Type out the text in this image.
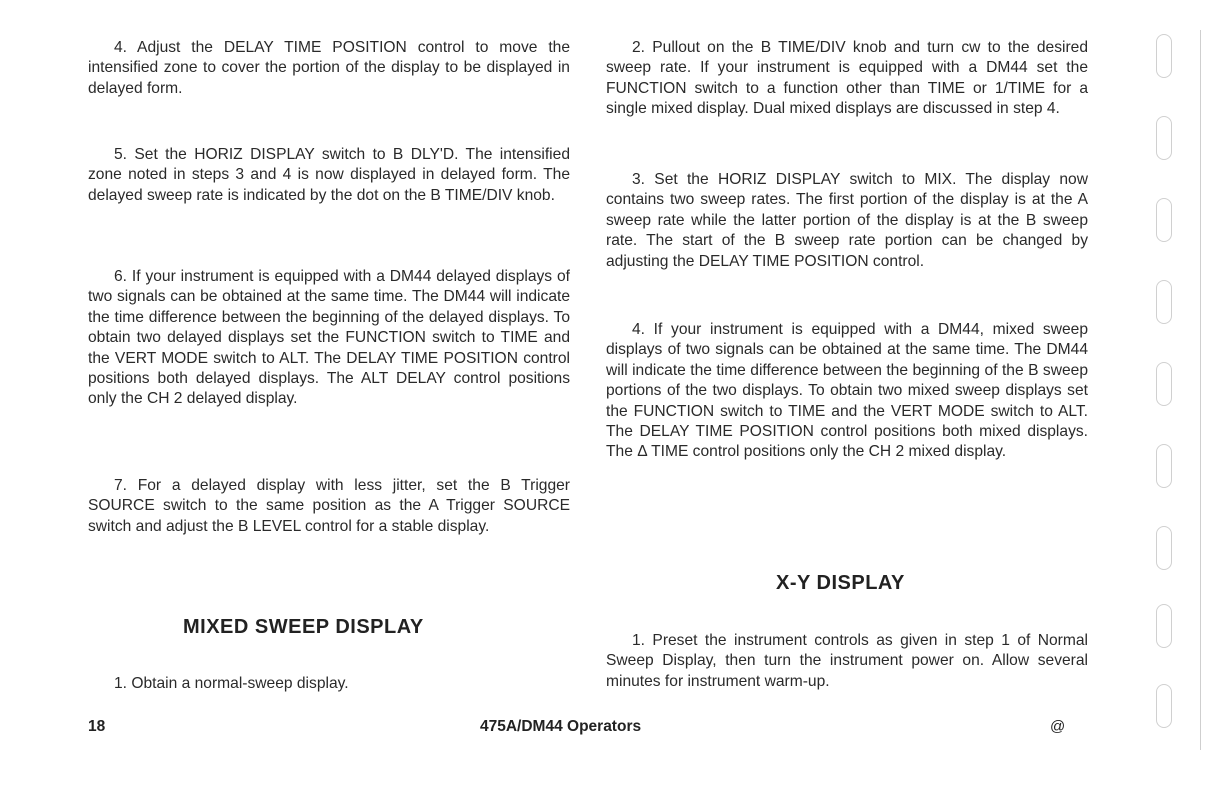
4. Adjust the DELAY TIME POSITION control to move the intensified zone to cover the portion of the display to be displayed in delayed form.

5. Set the HORIZ DISPLAY switch to B DLY'D. The intensified zone noted in steps 3 and 4 is now displayed in delayed form. The delayed sweep rate is indicated by the dot on the B TIME/DIV knob.

6. If your instrument is equipped with a DM44 delayed displays of two signals can be obtained at the same time. The DM44 will indicate the time difference between the beginning of the delayed displays. To obtain two delayed displays set the FUNCTION switch to TIME and the VERT MODE switch to ALT. The DELAY TIME POSITION control positions both delayed displays. The ALT DELAY control positions only the CH 2 delayed display.

7. For a delayed display with less jitter, set the B Trigger SOURCE switch to the same position as the A Trigger SOURCE switch and adjust the B LEVEL control for a stable display.

MIXED SWEEP DISPLAY

1. Obtain a normal-sweep display.

2. Pullout on the B TIME/DIV knob and turn cw to the desired sweep rate. If your instrument is equipped with a DM44 set the FUNCTION switch to a function other than TIME or 1/TIME for a single mixed display. Dual mixed displays are discussed in step 4.

3. Set the HORIZ DISPLAY switch to MIX. The display now contains two sweep rates. The first portion of the display is at the A sweep rate while the latter portion of the display is at the B sweep rate. The start of the B sweep rate portion can be changed by adjusting the DELAY TIME POSITION control.

4. If your instrument is equipped with a DM44, mixed sweep displays of two signals can be obtained at the same time. The DM44 will indicate the time difference between the beginning of the B sweep portions of the two displays. To obtain two mixed sweep displays set the FUNCTION switch to TIME and the VERT MODE switch to ALT. The DELAY TIME POSITION control positions both mixed displays. The Δ TIME control positions only the CH 2 mixed display.

X-Y DISPLAY

1. Preset the instrument controls as given in step 1 of Normal Sweep Display, then turn the instrument power on. Allow several minutes for instrument warm-up.

18	475A/DM44 Operators	@
